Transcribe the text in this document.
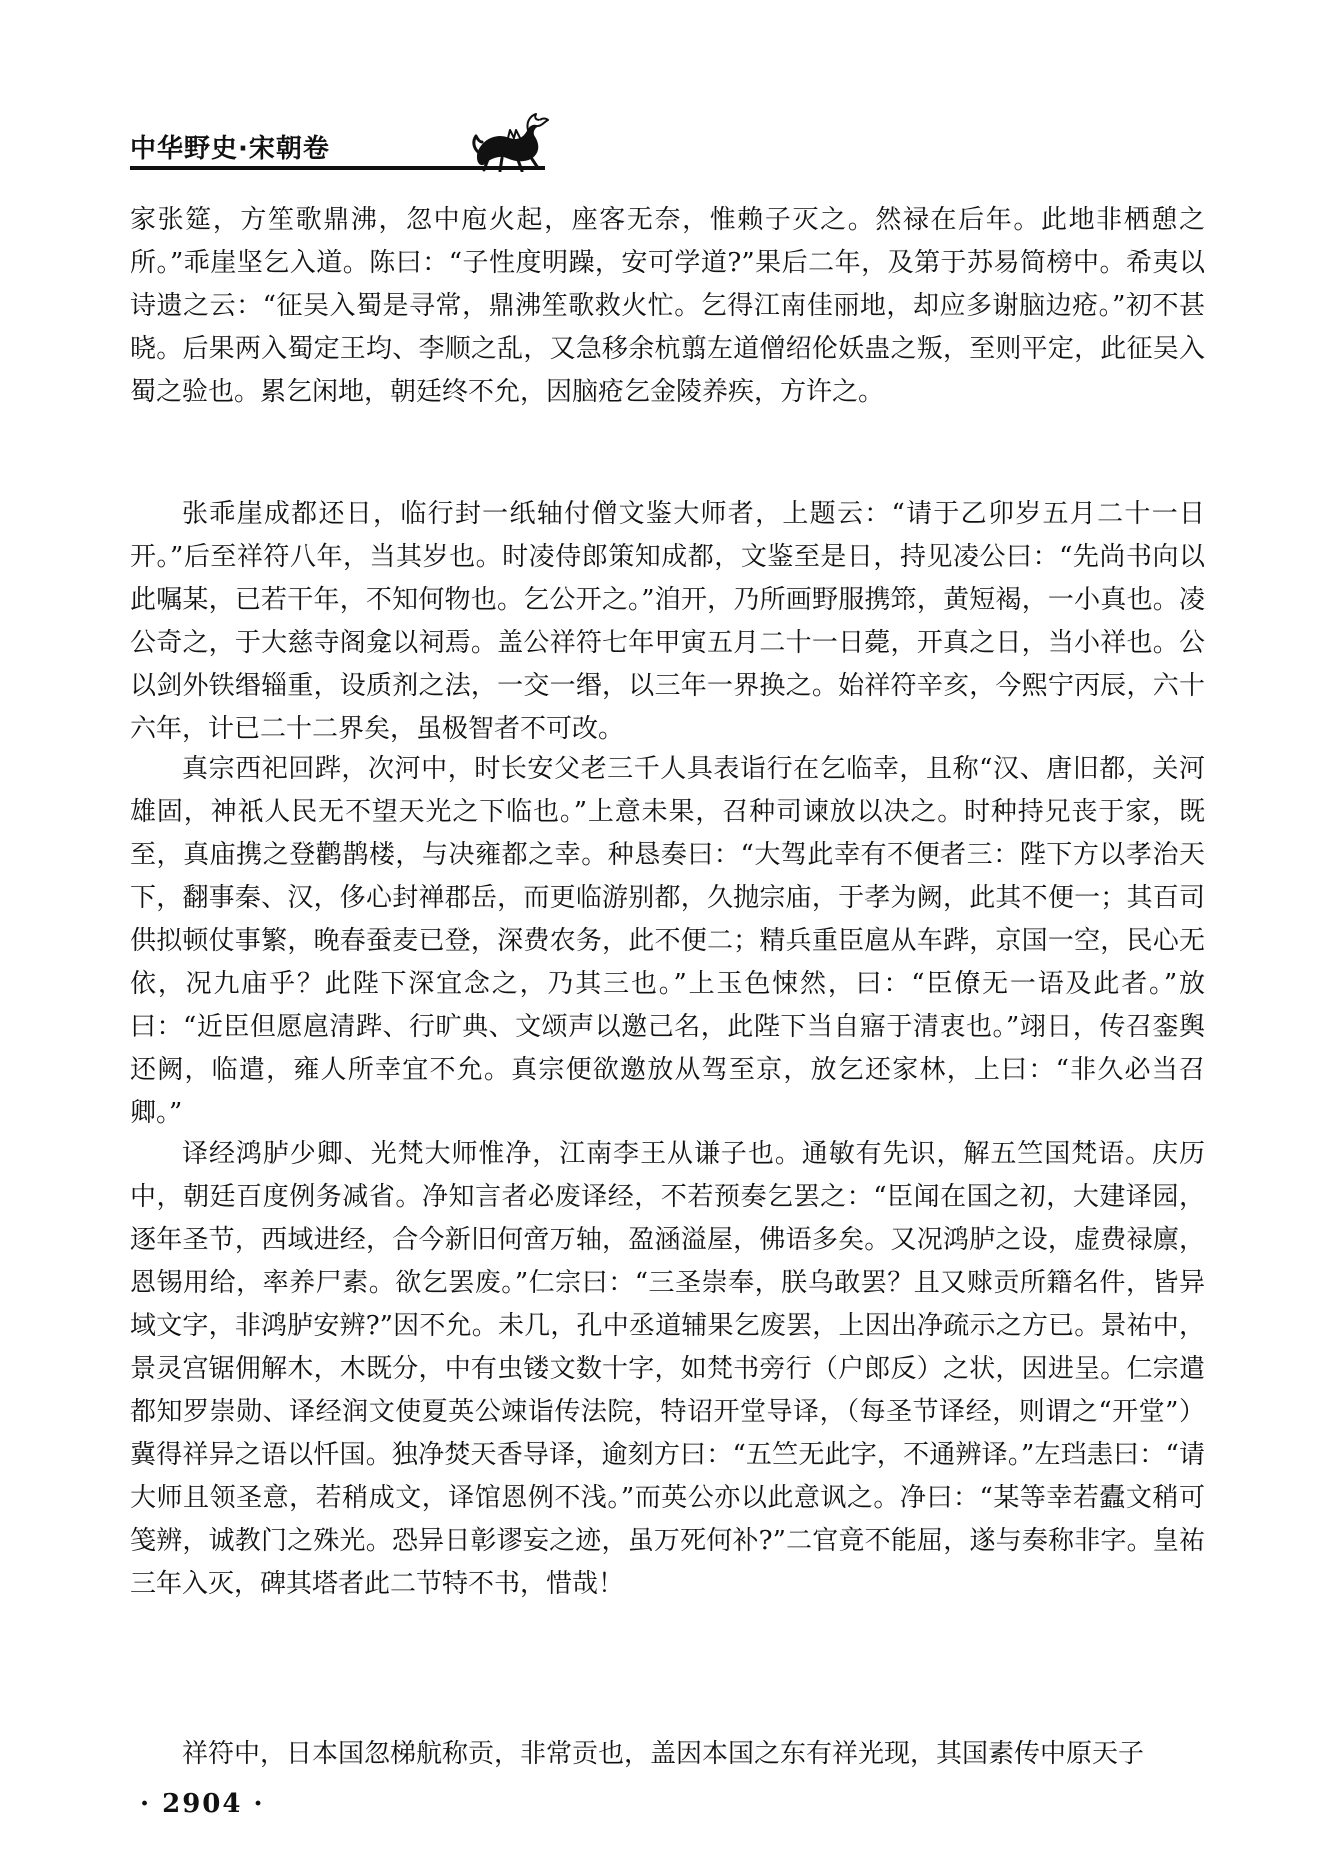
中华野史·宋朝卷

家张筵，方笙歌鼎沸，忽中庖火起，座客无奈，惟赖子灭之。然禄在后年。此地非栖憩之所。”乖崖坚乞入道。陈曰：“子性度明躁，安可学道?”果后二年，及第于苏易简榜中。希夷以诗遗之云：“征吴入蜀是寻常，鼎沸笙歌救火忙。乞得江南佳丽地，却应多谢脑边疮。”初不甚晓。后果两入蜀定王均、李顺之乱，又急移余杭翦左道僧绍伦妖蛊之叛，至则平定，此征吴入蜀之验也。累乞闲地，朝廷终不允，因脑疮乞金陵养疾，方许之。

张乖崖成都还日，临行封一纸轴付僧文鉴大师者，上题云：“请于乙卯岁五月二十一日开。”后至祥符八年，当其岁也。时凌侍郎策知成都，文鉴至是日，持见凌公曰：“先尚书向以此嘱某，已若干年，不知何物也。乞公开之。”洎开，乃所画野服携筇，黄短褐，一小真也。凌公奇之，于大慈寺阁龛以祠焉。盖公祥符七年甲寅五月二十一日薨，开真之日，当小祥也。公以剑外铁缗辎重，设质剂之法，一交一缗，以三年一界换之。始祥符辛亥，今熙宁丙辰，六十六年，计已二十二界矣，虽极智者不可改。

真宗西祀回跸，次河中，时长安父老三千人具表诣行在乞临幸，且称“汉、唐旧都，关河雄固，神祇人民无不望天光之下临也。”上意未果，召种司谏放以决之。时种持兄丧于家，既至，真庙携之登鹳鹊楼，与决雍都之幸。种恳奏曰：“大驾此幸有不便者三：陛下方以孝治天下，翻事秦、汉，侈心封禅郡岳，而更临游别都，久抛宗庙，于孝为阙，此其不便一；其百司供拟顿仗事繁，晚春蚕麦已登，深费农务，此不便二；精兵重臣扈从车跸，京国一空，民心无依，况九庙乎？此陛下深宜念之，乃其三也。”上玉色悚然，曰：“臣僚无一语及此者。”放曰：“近臣但愿扈清跸、行旷典、文颂声以邀己名，此陛下当自寤于清衷也。”翊日，传召銮舆还阙，临遣，雍人所幸宜不允。真宗便欲邀放从驾至京，放乞还家林，上曰：“非久必当召卿。”

译经鸿胪少卿、光梵大师惟净，江南李王从谦子也。通敏有先识，解五竺国梵语。庆历中，朝廷百度例务减省。净知言者必废译经，不若预奏乞罢之：“臣闻在国之初，大建译园，逐年圣节，西域进经，合今新旧何啻万轴，盈涵溢屋，佛语多矣。又况鸿胪之设，虚费禄廪，恩锡用给，率养尸素。欲乞罢废。”仁宗曰：“三圣崇奉，朕乌敢罢？且又赇贡所籍名件，皆异域文字，非鸿胪安辨?”因不允。未几，孔中丞道辅果乞废罢，上因出净疏示之方已。景祐中，景灵宫锯佣解木，木既分，中有虫镂文数十字，如梵书旁行（户郎反）之状，因进呈。仁宗遣都知罗崇勋、译经润文使夏英公竦诣传法院，特诏开堂导译，（每圣节译经，则谓之“开堂”）冀得祥异之语以忏国。独净焚天香导译，逾刻方曰：“五竺无此字，不通辨译。”左珰恚曰：“请大师且领圣意，若稍成文，译馆恩例不浅。”而英公亦以此意讽之。净曰：“某等幸若蠹文稍可笺辨，诚教门之殊光。恐异日彰谬妄之迹，虽万死何补?”二官竟不能屈，遂与奏称非字。皇祐三年入灭，碑其塔者此二节特不书，惜哉！

祥符中，日本国忽梯航称贡，非常贡也，盖因本国之东有祥光现，其国素传中原天子

· 2904 ·
